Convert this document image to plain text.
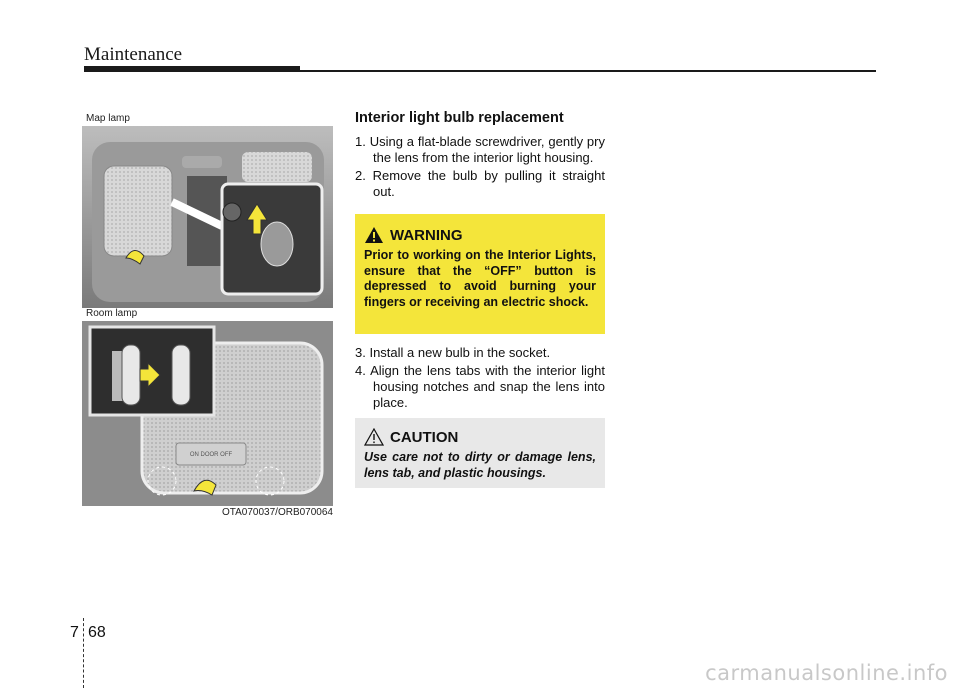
Maintenance
Map lamp
Room lamp
ON DOOR OFF
OTA070037/ORB070064
Interior light bulb replacement
1. Using a flat-blade screwdriver, gently pry the lens from the interior light housing.
2. Remove the bulb by pulling it straight out.
WARNING

Prior to working on the Interior Lights, ensure that the “OFF” button is depressed to avoid burning your fingers or receiving an electric shock.

3. Install a new bulb in the socket.
4. Align the lens tabs with the interior light housing notches and snap the lens into place.
CAUTION

Use care not to dirty or damage lens, lens tab, and plastic housings.

7 68
carmanualsonline.info
